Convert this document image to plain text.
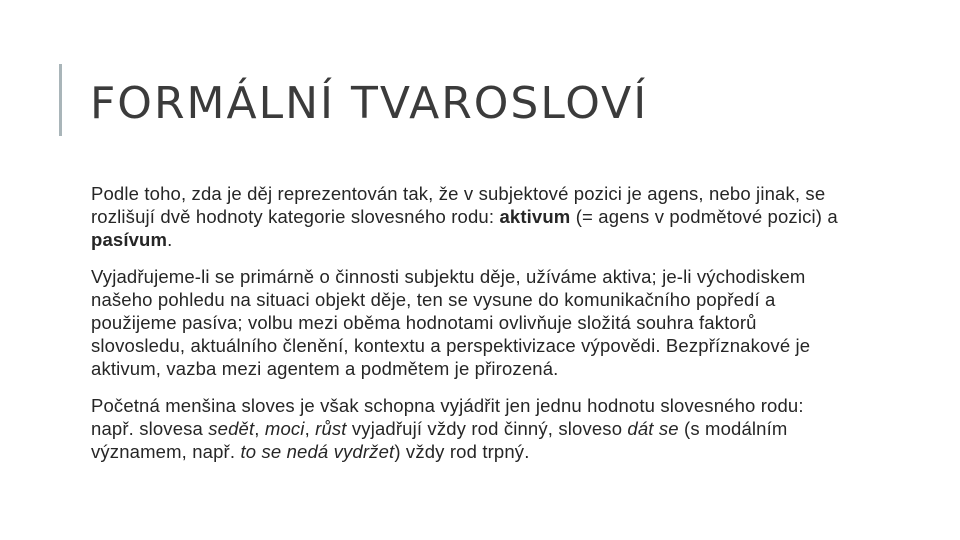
FORMÁLNÍ TVAROSLOVÍ

Podle toho, zda je děj reprezentován tak, že v subjektové pozici je agens, nebo jinak, se rozlišují dvě hodnoty kategorie slovesného rodu: aktivum (= agens v podmětové pozici) a pasívum.

Vyjadřujeme-li se primárně o činnosti subjektu děje, užíváme aktiva; je-li východiskem našeho pohledu na situaci objekt děje, ten se vysune do komunikačního popředí a použijeme pasíva; volbu mezi oběma hodnotami ovlivňuje složitá souhra faktorů slovosledu, aktuálního členění, kontextu a perspektivizace výpovědi. Bezpříznakové je aktivum, vazba mezi agentem a podmětem je přirozená.

Početná menšina sloves je však schopna vyjádřit jen jednu hodnotu slovesného rodu: např. slovesa sedět, moci, růst vyjadřují vždy rod činný, sloveso dát se (s modálním významem, např. to se nedá vydržet) vždy rod trpný.
